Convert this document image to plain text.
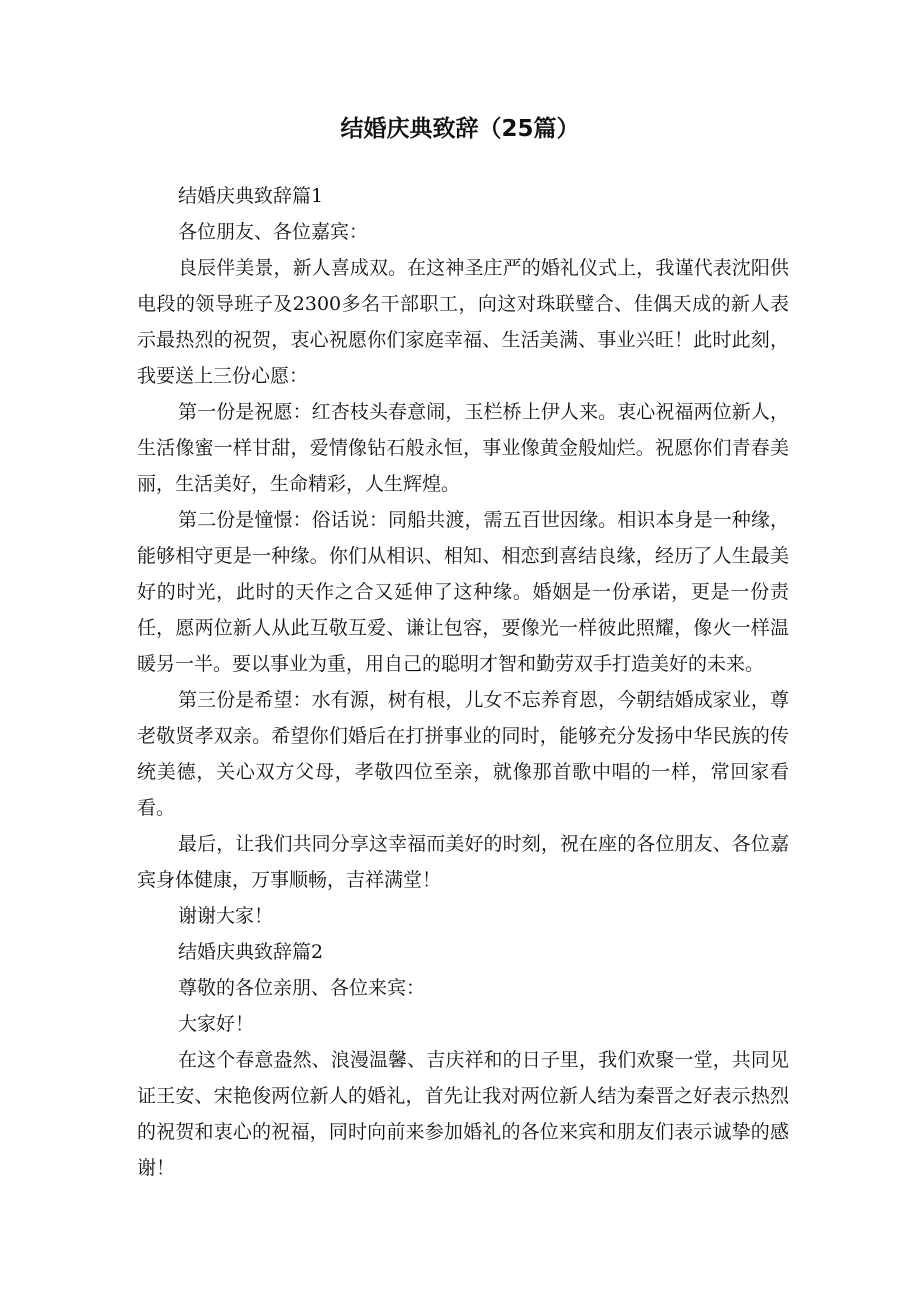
结婚庆典致辞（25篇）

结婚庆典致辞篇1

各位朋友、各位嘉宾：

良辰伴美景，新人喜成双。在这神圣庄严的婚礼仪式上，我谨代表沈阳供电段的领导班子及2300多名干部职工，向这对珠联璧合、佳偶天成的新人表示最热烈的祝贺，衷心祝愿你们家庭幸福、生活美满、事业兴旺！此时此刻，我要送上三份心愿：

第一份是祝愿：红杏枝头春意闹，玉栏桥上伊人来。衷心祝福两位新人，生活像蜜一样甘甜，爱情像钻石般永恒，事业像黄金般灿烂。祝愿你们青春美丽，生活美好，生命精彩，人生辉煌。

第二份是憧憬：俗话说：同船共渡，需五百世因缘。相识本身是一种缘，能够相守更是一种缘。你们从相识、相知、相恋到喜结良缘，经历了人生最美好的时光，此时的天作之合又延伸了这种缘。婚姻是一份承诺，更是一份责任，愿两位新人从此互敬互爱、谦让包容，要像光一样彼此照耀，像火一样温暖另一半。要以事业为重，用自己的聪明才智和勤劳双手打造美好的未来。

第三份是希望：水有源，树有根，儿女不忘养育恩，今朝结婚成家业，尊老敬贤孝双亲。希望你们婚后在打拼事业的同时，能够充分发扬中华民族的传统美德，关心双方父母，孝敬四位至亲，就像那首歌中唱的一样，常回家看看。

最后，让我们共同分享这幸福而美好的时刻，祝在座的各位朋友、各位嘉宾身体健康，万事顺畅，吉祥满堂！

谢谢大家！

结婚庆典致辞篇2

尊敬的各位亲朋、各位来宾：

大家好！

在这个春意盎然、浪漫温馨、吉庆祥和的日子里，我们欢聚一堂，共同见证王安、宋艳俊两位新人的婚礼，首先让我对两位新人结为秦晋之好表示热烈的祝贺和衷心的祝福，同时向前来参加婚礼的各位来宾和朋友们表示诚挚的感谢！
